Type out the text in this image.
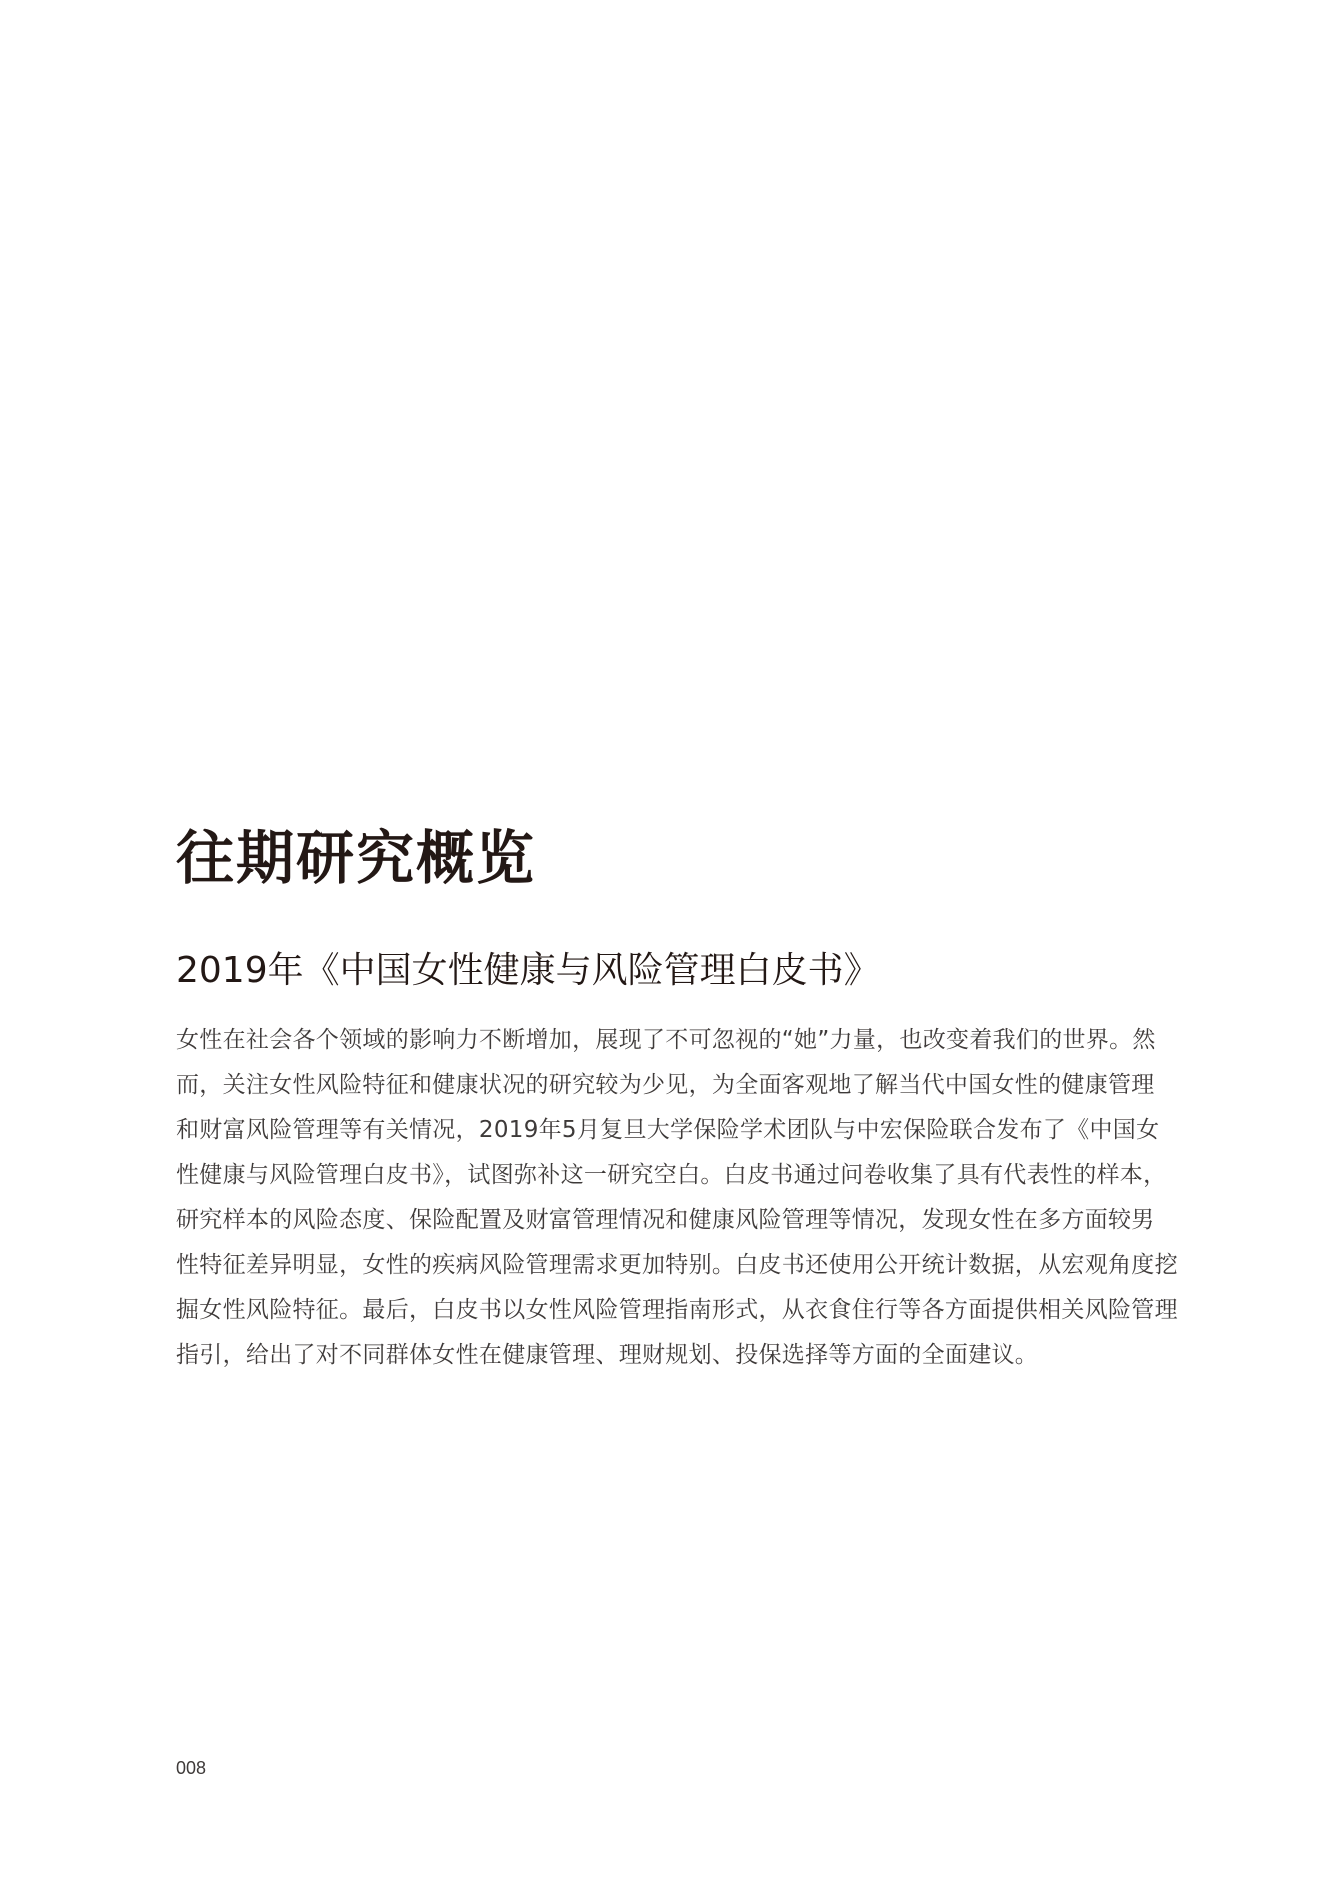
往期研究概览
2019年《中国女性健康与风险管理白皮书》
女性在社会各个领域的影响力不断增加，展现了不可忽视的“她”力量，也改变着我们的世界。然
而，关注女性风险特征和健康状况的研究较为少见，为全面客观地了解当代中国女性的健康管理
和财富风险管理等有关情况，2019年5月复旦大学保险学术团队与中宏保险联合发布了《中国女
性健康与风险管理白皮书》，试图弥补这一研究空白。白皮书通过问卷收集了具有代表性的样本，
研究样本的风险态度、保险配置及财富管理情况和健康风险管理等情况，发现女性在多方面较男
性特征差异明显，女性的疾病风险管理需求更加特别。白皮书还使用公开统计数据，从宏观角度挖
掘女性风险特征。最后，白皮书以女性风险管理指南形式，从衣食住行等各方面提供相关风险管理
指引，给出了对不同群体女性在健康管理、理财规划、投保选择等方面的全面建议。
008
